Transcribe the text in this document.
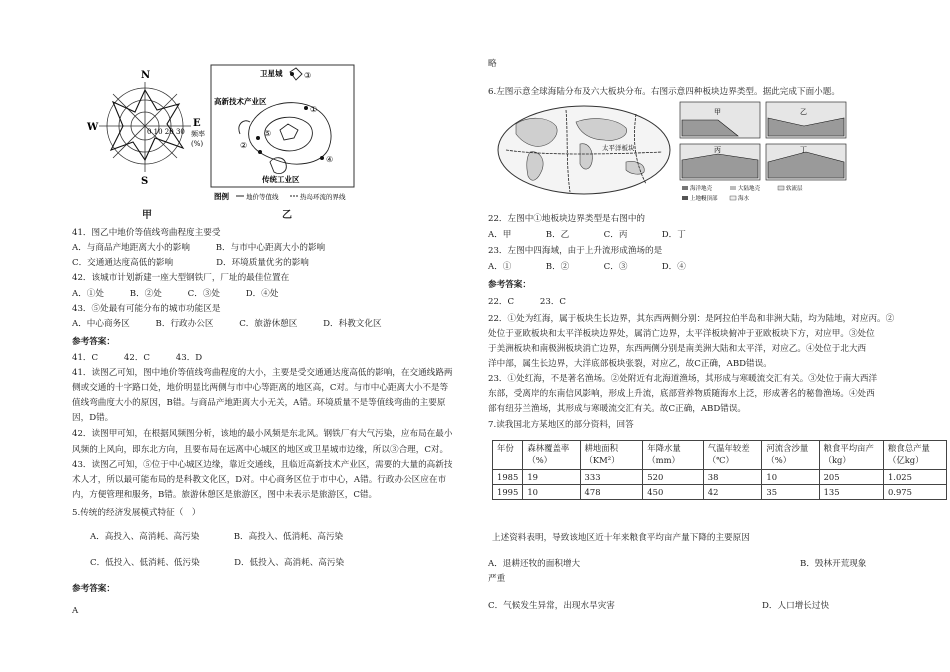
N
S
W	E
0 10 20 30 频率
(%)
甲
卫星城
高新技术产业区
传统工业区
③
①
⑤
②
④
图例	地价等值线	热岛环流的界线
乙
41．图乙中地价等值线弯曲程度主要受
A．与商品产地距离大小的影响　　　B．与市中心距离大小的影响
C．交通通达度高低的影响　　　　　D．环境质量优劣的影响
42．该城市计划新建一座大型钢铁厂，厂址的最佳位置在
A．①处　　　B．②处　　　C．③处　　　D．④处
43．⑤处最有可能分布的城市功能区是
A．中心商务区　　　B．行政办公区　　　C．旅游休憩区　　　D．科教文化区
参考答案：
41．C　　　42．C　　　43．D
41．读图乙可知，图中地价等值线弯曲程度的大小，主要是受交通通达度高低的影响，在交通线路两
侧或交通的十字路口处，地价明显比两侧与市中心等距离的地区高，C对。与市中心距离大小不是等
值线弯曲度大小的原因，B错。与商品产地距离大小无关，A错。环境质量不是等值线弯曲的主要原
因，D错。
42．读图甲可知，在根据风频图分析，该地的最小风频是东北风。钢铁厂有大气污染，应布局在最小
风频的上风向，即东北方向，且要布局在远离中心城区的地区或卫星城市边缘，所以③合理，C对。
43．读图乙可知，⑤位于中心城区边缘，靠近交通线，且临近高新技术产业区，需要的大量的高新技
术人才，所以最可能布局的是科教文化区，D对。中心商务区位于市中心，A错。行政办公区应在市
内，方便管理和服务，B错。旅游休憩区是旅游区，图中未表示是旅游区，C错。
5.传统的经济发展模式特征（　）
A．高投入、高消耗、高污染　　　　B．高投入、低消耗、高污染
C．低投入、低消耗、低污染　　　　D．低投入、高消耗、高污染
参考答案：
A
略
6.左图示意全球海陆分布及六大板块分布。右图示意四种板块边界类型。据此完成下面小题。
太平洋板块
甲	乙
丙	丁
海洋地壳	大陆地壳	软流层
上地幔顶部	海水
22．左图中①地板块边界类型是右图中的
A．甲　　　　B．乙　　　　C．丙　　　　D．丁
23．左图中四海域，由于上升流形成渔场的是
A．①　　　　B．②　　　　C．③　　　　D．④
参考答案：
22．C　　　23．C
22．①处为红海，属于板块生长边界，其东西两侧分别：是阿拉伯半岛和非洲大陆，均为陆地，对应丙。②
处位于亚欧板块和太平洋板块边界处，属消亡边界，太平洋板块俯冲于亚欧板块下方，对应甲。③处位
于美洲板块和南极洲板块消亡边界，东西两侧分别是南美洲大陆和太平洋，对应乙。④处位于北大西
洋中部，属生长边界，大洋底部板块张裂，对应乙，故C正确，ABD错误。
23．①处红海，不是著名渔场。②处附近有北海道渔场，其形成与寒暖流交汇有关。③处位于南大西洋
东部，受离岸的东南信风影响，形成上升流，底部营养物质随海水上泛，形成著名的秘鲁渔场。④处西
部有纽芬兰渔场，其形成与寒暖流交汇有关。故C正确，ABD错误。
7.读我国北方某地区的部分资料，回答
年份	森林覆盖率（%）	耕地面积（KM²）	年降水量（mm）	气温年较差（℃）	河流含沙量（%）	粮食平均亩产（kg）	粮食总产量（亿kg）
1985	19	333	520	38	10	205	1.025
1995	10	478	450	42	35	135	0.975
上述资料表明，导致该地区近十年来粮食平均亩产量下降的主要原因
A．退耕还牧的面积增大	B．毁林开荒现象
严重
C．气候发生异常，出现水旱灾害	D．人口增长过快
